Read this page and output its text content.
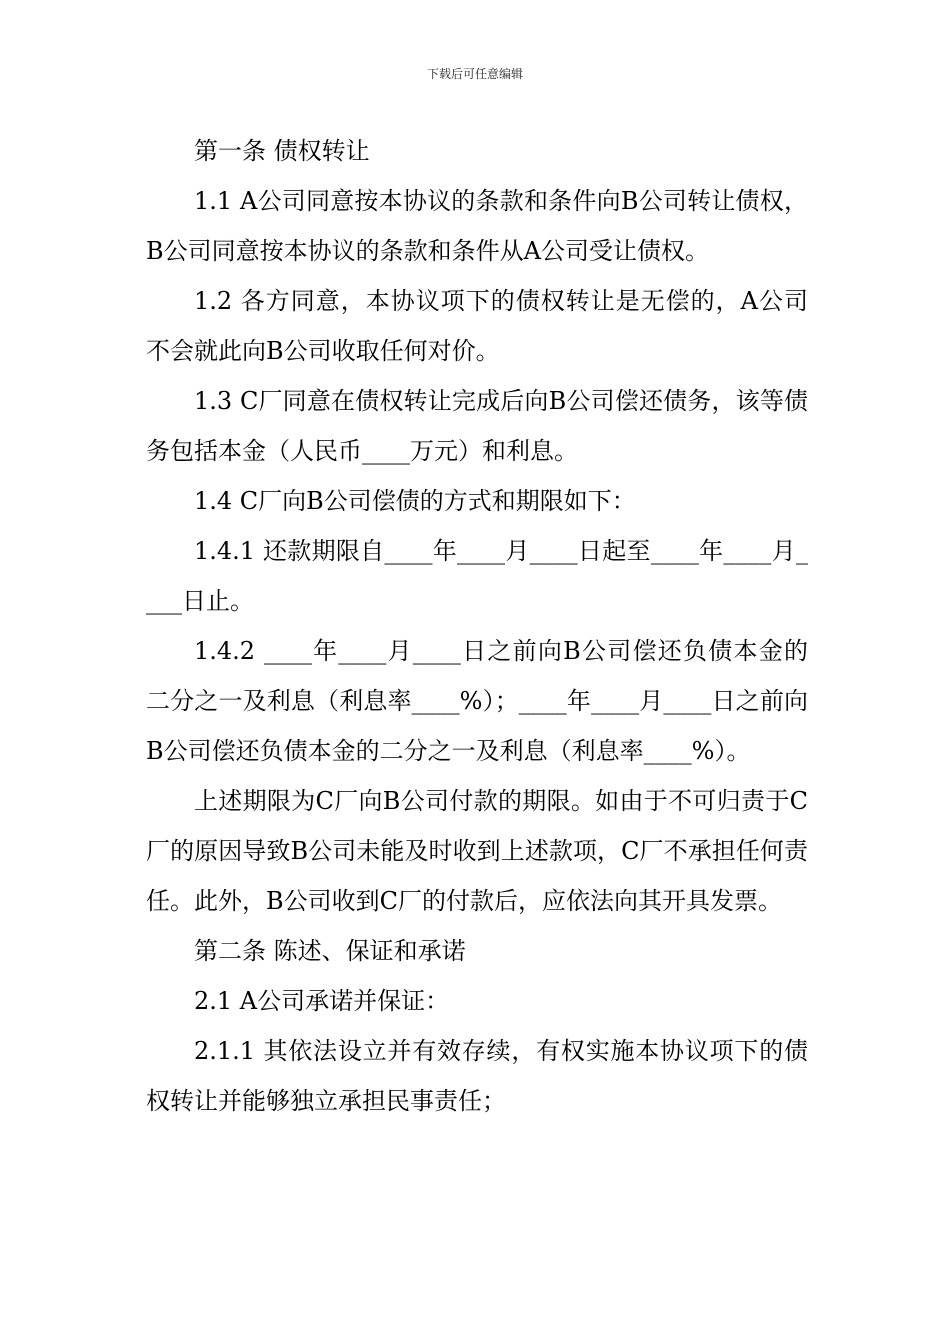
下载后可任意编辑

第一条 债权转让

1.1 A公司同意按本协议的条款和条件向B公司转让债权，B公司同意按本协议的条款和条件从A公司受让债权。

1.2 各方同意，本协议项下的债权转让是无偿的，A公司不会就此向B公司收取任何对价。

1.3 C厂同意在债权转让完成后向B公司偿还债务，该等债务包括本金（人民币____万元）和利息。

1.4 C厂向B公司偿债的方式和期限如下：

1.4.1 还款期限自____年____月____日起至____年____月____日止。

1.4.2 ____年____月____日之前向B公司偿还负债本金的二分之一及利息（利息率____%）；____年____月____日之前向B公司偿还负债本金的二分之一及利息（利息率____%）。

上述期限为C厂向B公司付款的期限。如由于不可归责于C厂的原因导致B公司未能及时收到上述款项，C厂不承担任何责任。此外，B公司收到C厂的付款后，应依法向其开具发票。

第二条 陈述、保证和承诺

2.1 A公司承诺并保证：

2.1.1 其依法设立并有效存续，有权实施本协议项下的债权转让并能够独立承担民事责任；
